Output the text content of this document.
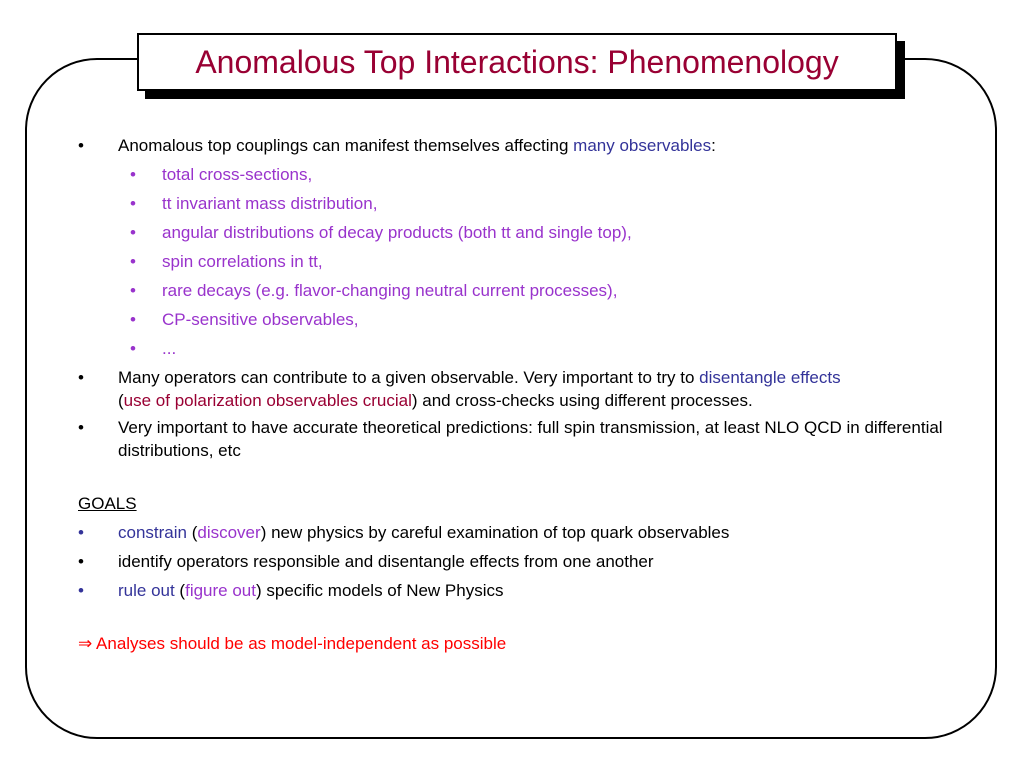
Anomalous Top Interactions: Phenomenology
• Anomalous top couplings can manifest themselves affecting many observables:
• total cross-sections,
• tt invariant mass distribution,
• angular distributions of decay products (both tt and single top),
• spin correlations in tt,
• rare decays (e.g. flavor-changing neutral current processes),
• CP-sensitive observables,
• ...
• Many operators can contribute to a given observable. Very important to try to disentangle effects
(use of polarization observables crucial) and cross-checks using different processes.
• Very important to have accurate theoretical predictions: full spin transmission, at least NLO QCD in differential distributions, etc
GOALS
• constrain (discover) new physics by careful examination of top quark observables
• identify operators responsible and disentangle effects from one another
• rule out (figure out) specific models of New Physics
⇒ Analyses should be as model-independent as possible
